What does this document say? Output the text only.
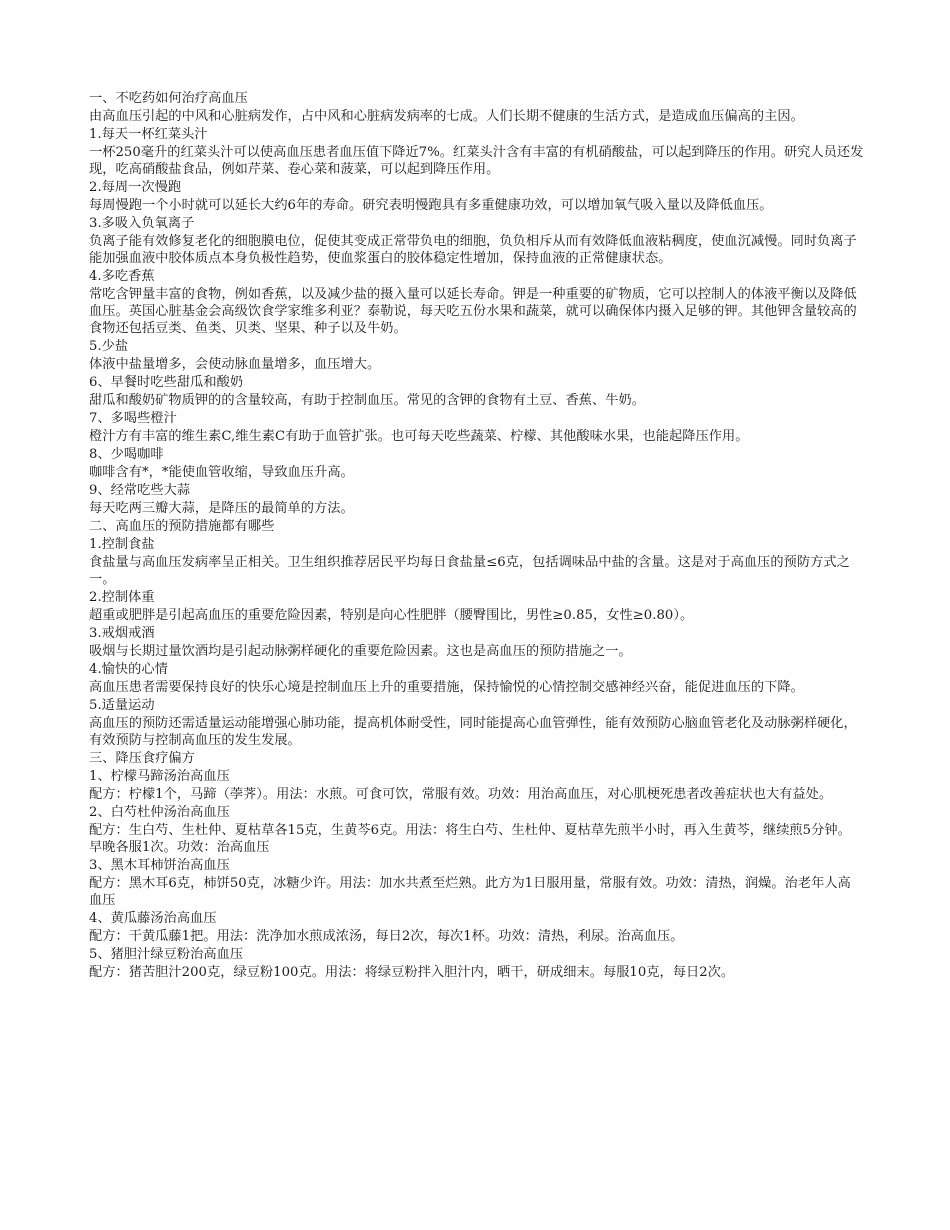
一、不吃药如何治疗高血压

由高血压引起的中风和心脏病发作，占中风和心脏病发病率的七成。人们长期不健康的生活方式，是造成血压偏高的主因。

1.每天一杯红菜头汁

一杯250毫升的红菜头汁可以使高血压患者血压值下降近7%。红菜头汁含有丰富的有机硝酸盐，可以起到降压的作用。研究人员还发现，吃高硝酸盐食品，例如芹菜、卷心菜和菠菜，可以起到降压作用。

2.每周一次慢跑

每周慢跑一个小时就可以延长大约6年的寿命。研究表明慢跑具有多重健康功效，可以增加氧气吸入量以及降低血压。

3.多吸入负氧离子

负离子能有效修复老化的细胞膜电位，促使其变成正常带负电的细胞，负负相斥从而有效降低血液粘稠度，使血沉减慢。同时负离子能加强血液中胶体质点本身负极性趋势，使血浆蛋白的胶体稳定性增加，保持血液的正常健康状态。

4.多吃香蕉

常吃含钾量丰富的食物，例如香蕉，以及减少盐的摄入量可以延长寿命。钾是一种重要的矿物质，它可以控制人的体液平衡以及降低血压。英国心脏基金会高级饮食学家维多利亚？泰勒说，每天吃五份水果和蔬菜，就可以确保体内摄入足够的钾。其他钾含量较高的食物还包括豆类、鱼类、贝类、坚果、种子以及牛奶。

5.少盐

体液中盐量增多，会使动脉血量增多，血压增大。

6、早餐时吃些甜瓜和酸奶

甜瓜和酸奶矿物质钾的的含量较高，有助于控制血压。常见的含钾的食物有土豆、香蕉、牛奶。

7、多喝些橙汁

橙汁方有丰富的维生素C,维生素C有助于血管扩张。也可每天吃些蔬菜、柠檬、其他酸味水果，也能起降压作用。

8、少喝咖啡

咖啡含有*，*能使血管收缩，导致血压升高。

9、经常吃些大蒜

每天吃两三瓣大蒜，是降压的最简单的方法。

二、高血压的预防措施都有哪些

1.控制食盐

食盐量与高血压发病率呈正相关。卫生组织推荐居民平均每日食盐量≤6克，包括调味品中盐的含量。这是对于高血压的预防方式之一。

2.控制体重

超重或肥胖是引起高血压的重要危险因素，特别是向心性肥胖（腰臀围比，男性≥0.85，女性≥0.80）。

3.戒烟戒酒

吸烟与长期过量饮酒均是引起动脉粥样硬化的重要危险因素。这也是高血压的预防措施之一。

4.愉快的心情

高血压患者需要保持良好的快乐心境是控制血压上升的重要措施，保持愉悦的心情控制交感神经兴奋，能促进血压的下降。

5.适量运动

高血压的预防还需适量运动能增强心肺功能，提高机体耐受性，同时能提高心血管弹性，能有效预防心脑血管老化及动脉粥样硬化，有效预防与控制高血压的发生发展。

三、降压食疗偏方

1、柠檬马蹄汤治高血压

配方：柠檬1个，马蹄（荸荠）。用法：水煎。可食可饮，常服有效。功效：用治高血压，对心肌梗死患者改善症状也大有益处。

2、白芍杜仲汤治高血压

配方：生白芍、生杜仲、夏枯草各15克，生黄芩6克。用法：将生白芍、生杜仲、夏枯草先煎半小时，再入生黄芩，继续煎5分钟。早晚各服1次。功效：治高血压

3、黑木耳柿饼治高血压

配方：黑木耳6克，柿饼50克，冰糖少许。用法：加水共煮至烂熟。此方为1日服用量，常服有效。功效：清热，润燥。治老年人高血压

4、黄瓜藤汤治高血压

配方：干黄瓜藤1把。用法：洗净加水煎成浓汤，每日2次，每次1杯。功效：清热，利尿。治高血压。

5、猪胆汁绿豆粉治高血压

配方：猪苦胆汁200克，绿豆粉100克。用法：将绿豆粉拌入胆汁内，晒干，研成细末。每服10克，每日2次。
